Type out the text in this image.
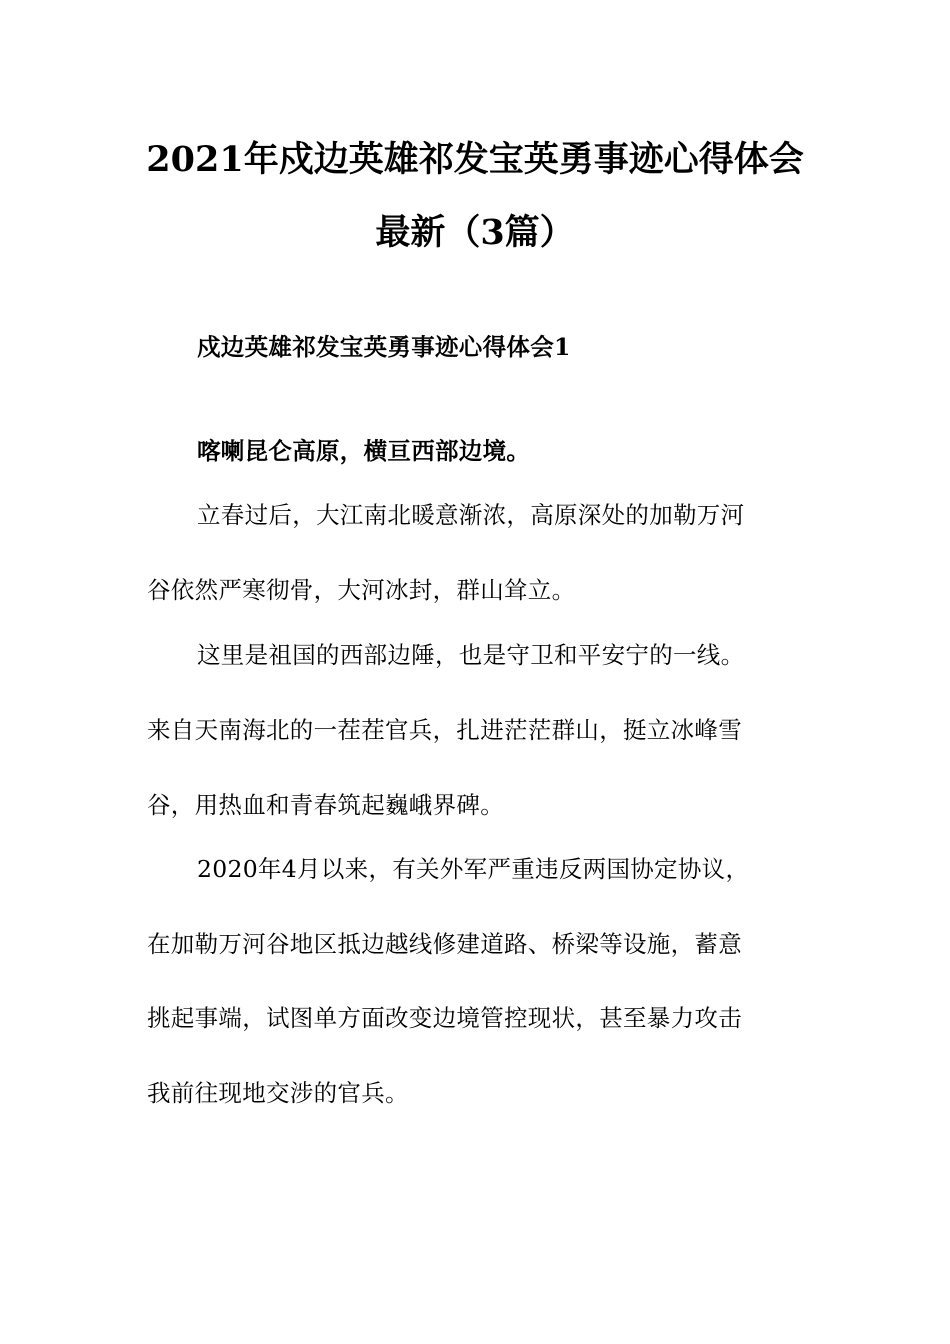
2021年戍边英雄祁发宝英勇事迹心得体会
最新（3篇）
戍边英雄祁发宝英勇事迹心得体会1
喀喇昆仑高原，横亘西部边境。
立春过后，大江南北暖意渐浓，高原深处的加勒万河
谷依然严寒彻骨，大河冰封，群山耸立。
这里是祖国的西部边陲，也是守卫和平安宁的一线。
来自天南海北的一茬茬官兵，扎进茫茫群山，挺立冰峰雪
谷，用热血和青春筑起巍峨界碑。
2020年4月以来，有关外军严重违反两国协定协议，
在加勒万河谷地区抵边越线修建道路、桥梁等设施，蓄意
挑起事端，试图单方面改变边境管控现状，甚至暴力攻击
我前往现地交涉的官兵。
